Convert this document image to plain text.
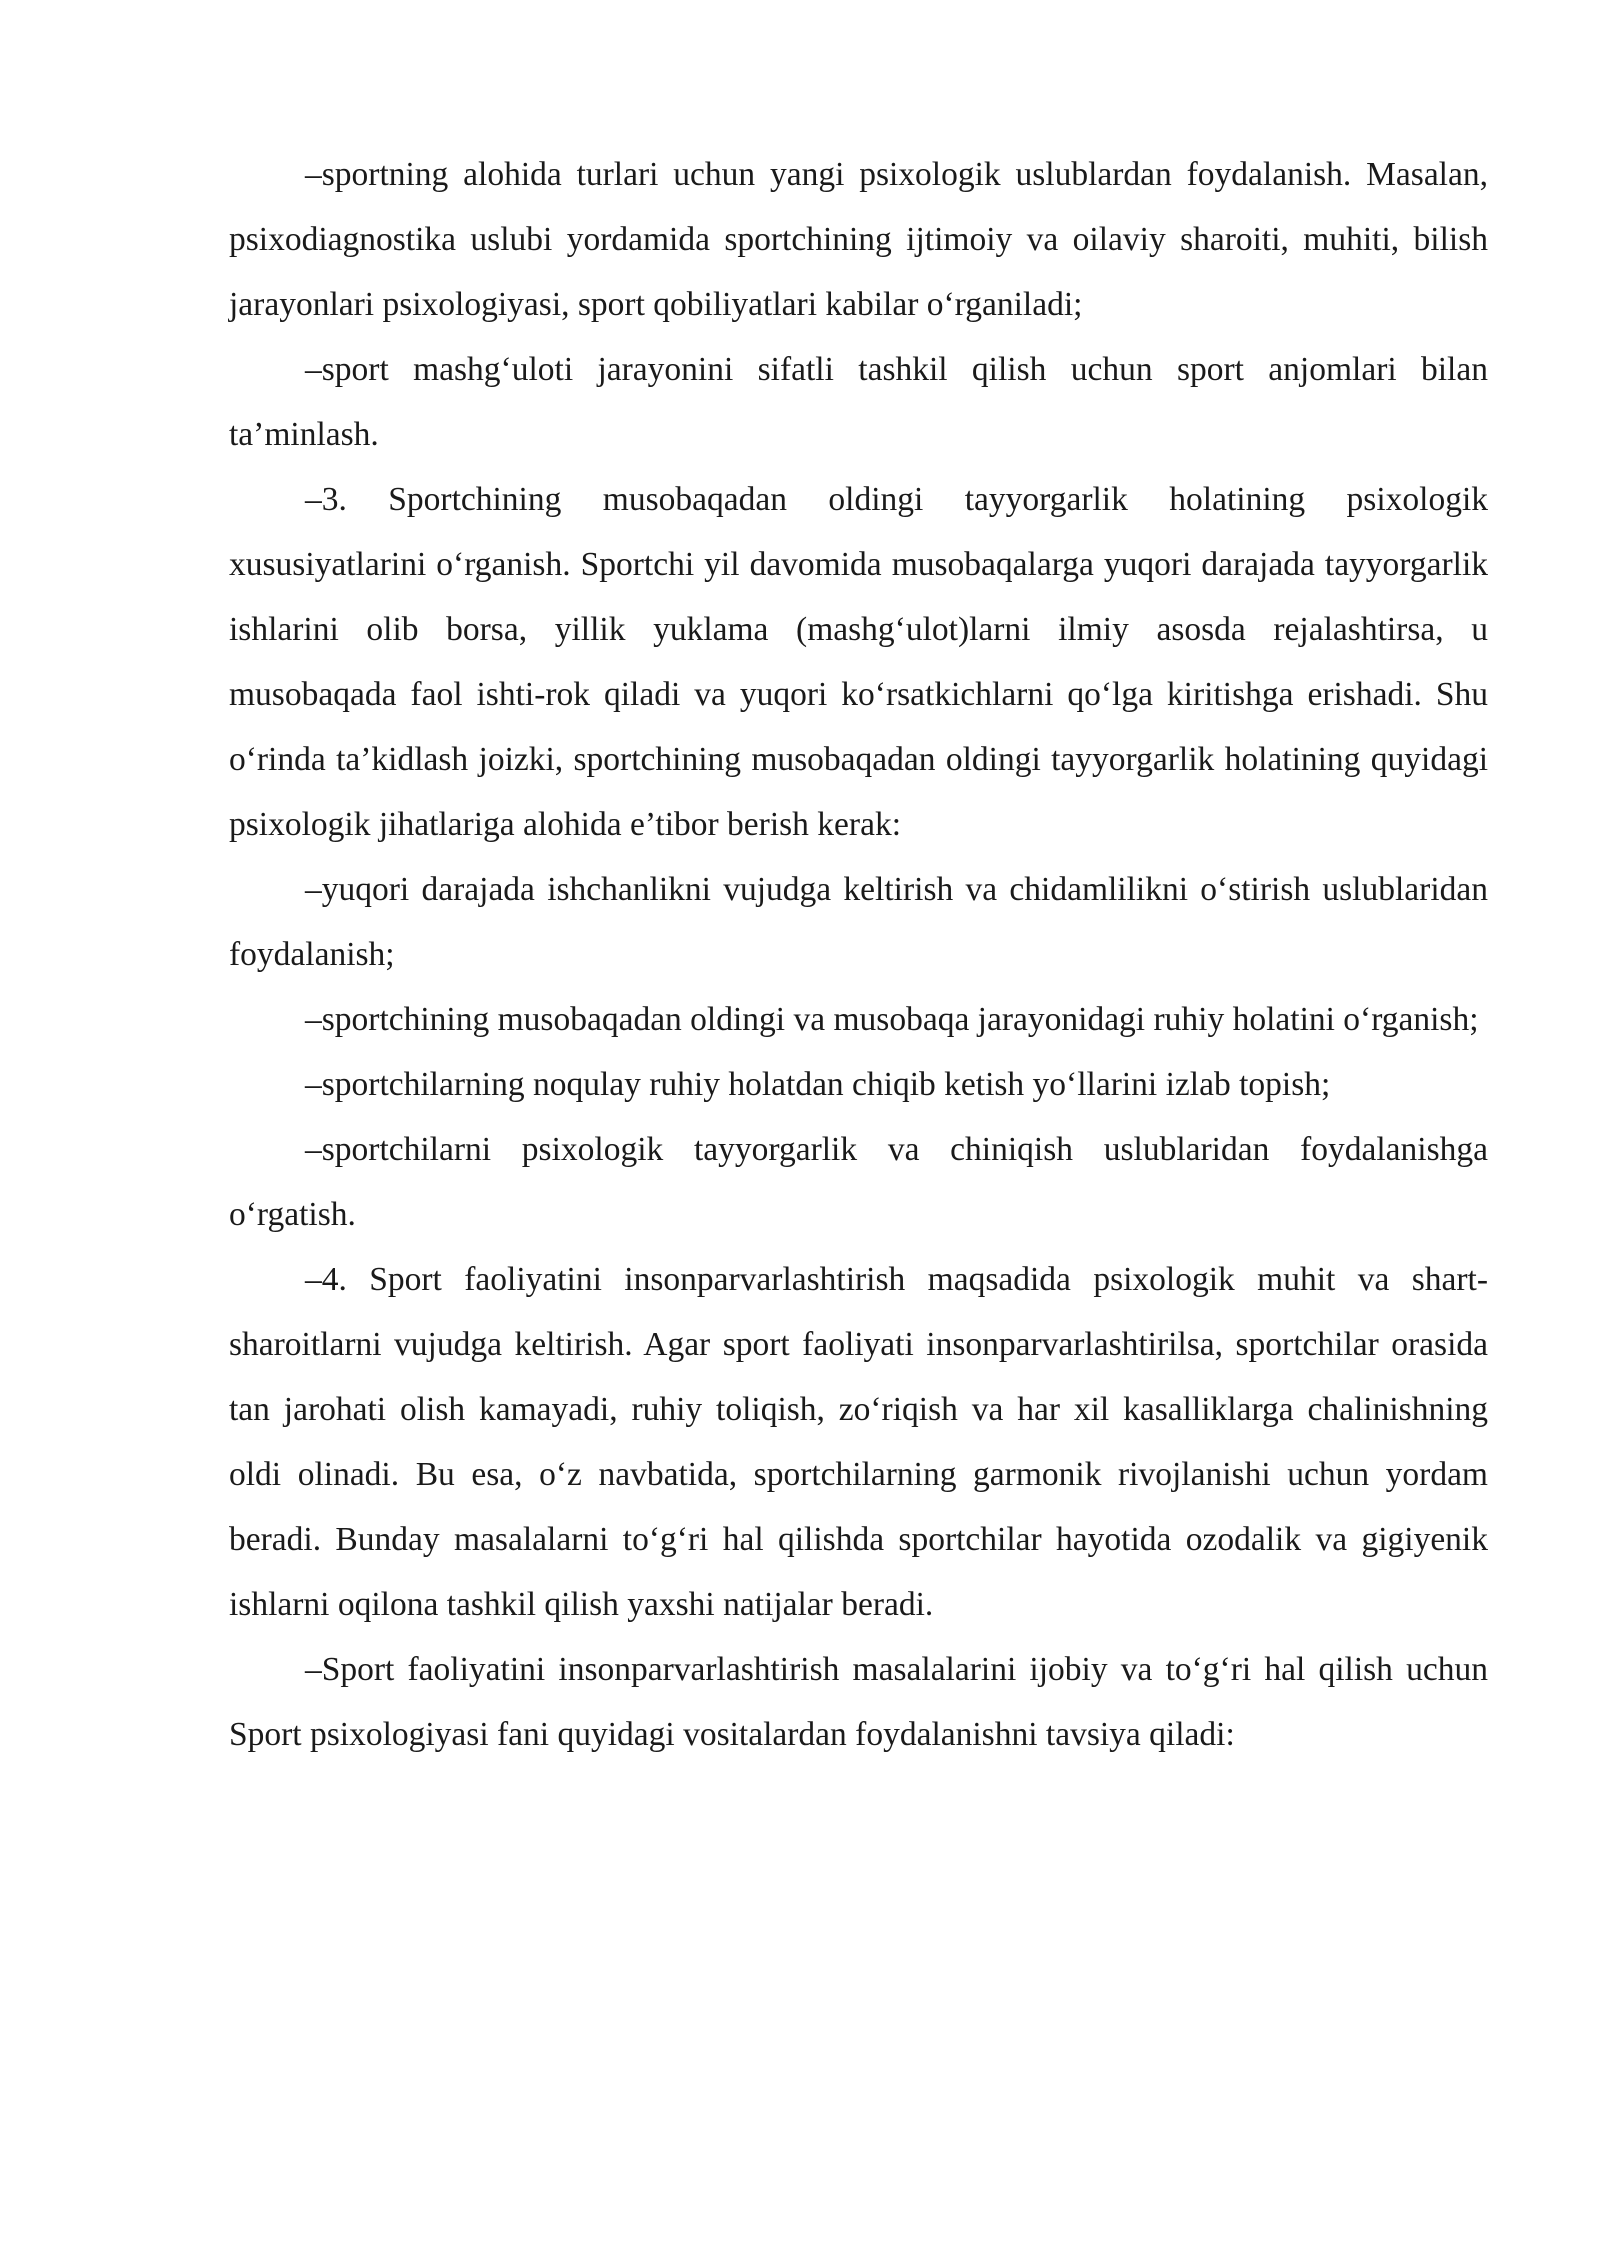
–sportning alohida turlari uchun yangi psixologik uslublardan foydalanish. Masalan, psixodiagnostika uslubi yordamida sportchining ijtimoiy va oilaviy sharoiti, muhiti, bilish jarayonlari psixologiyasi, sport qobiliyatlari kabilar o‘rganiladi;

–sport mashg‘uloti jarayonini sifatli tashkil qilish uchun sport anjomlari bilan ta’minlash.

–3. Sportchining musobaqadan oldingi tayyorgarlik holatining psixologik xususiyatlarini o‘rganish. Sportchi yil davomida musobaqalarga yuqori darajada tayyorgarlik ishlarini olib borsa, yillik yuklama (mashg‘ulot)larni ilmiy asosda rejalashtirsa, u musobaqada faol ishti-rok qiladi va yuqori ko‘rsatkichlarni qo‘lga kiritishga erishadi. Shu o‘rinda ta’kidlash joizki, sportchining musobaqadan oldingi tayyorgarlik holatining quyidagi psixologik jihatlariga alohida e’tibor berish kerak:

–yuqori darajada ishchanlikni vujudga keltirish va chidamlilikni o‘stirish uslublaridan foydalanish;

–sportchining musobaqadan oldingi va musobaqa jarayonidagi ruhiy holatini o‘rganish;

–sportchilarning noqulay ruhiy holatdan chiqib ketish yo‘llarini izlab topish;

–sportchilarni psixologik tayyorgarlik va chiniqish uslublaridan foydalanishga o‘rgatish.

–4. Sport faoliyatini insonparvarlashtirish maqsadida psixologik muhit va shart-sharoitlarni vujudga keltirish. Agar sport faoliyati insonparvarlashtirilsa, sportchilar orasida tan jarohati olish kamayadi, ruhiy toliqish, zo‘riqish va har xil kasalliklarga chalinishning oldi olinadi. Bu esa, o‘z navbatida, sportchilarning garmonik rivojlanishi uchun yordam beradi. Bunday masalalarni to‘g‘ri hal qilishda sportchilar hayotida ozodalik va gigiyenik ishlarni oqilona tashkil qilish yaxshi natijalar beradi.

–Sport faoliyatini insonparvarlashtirish masalalarini ijobiy va to‘g‘ri hal qilish uchun Sport psixologiyasi fani quyidagi vositalardan foydalanishni tavsiya qiladi:
